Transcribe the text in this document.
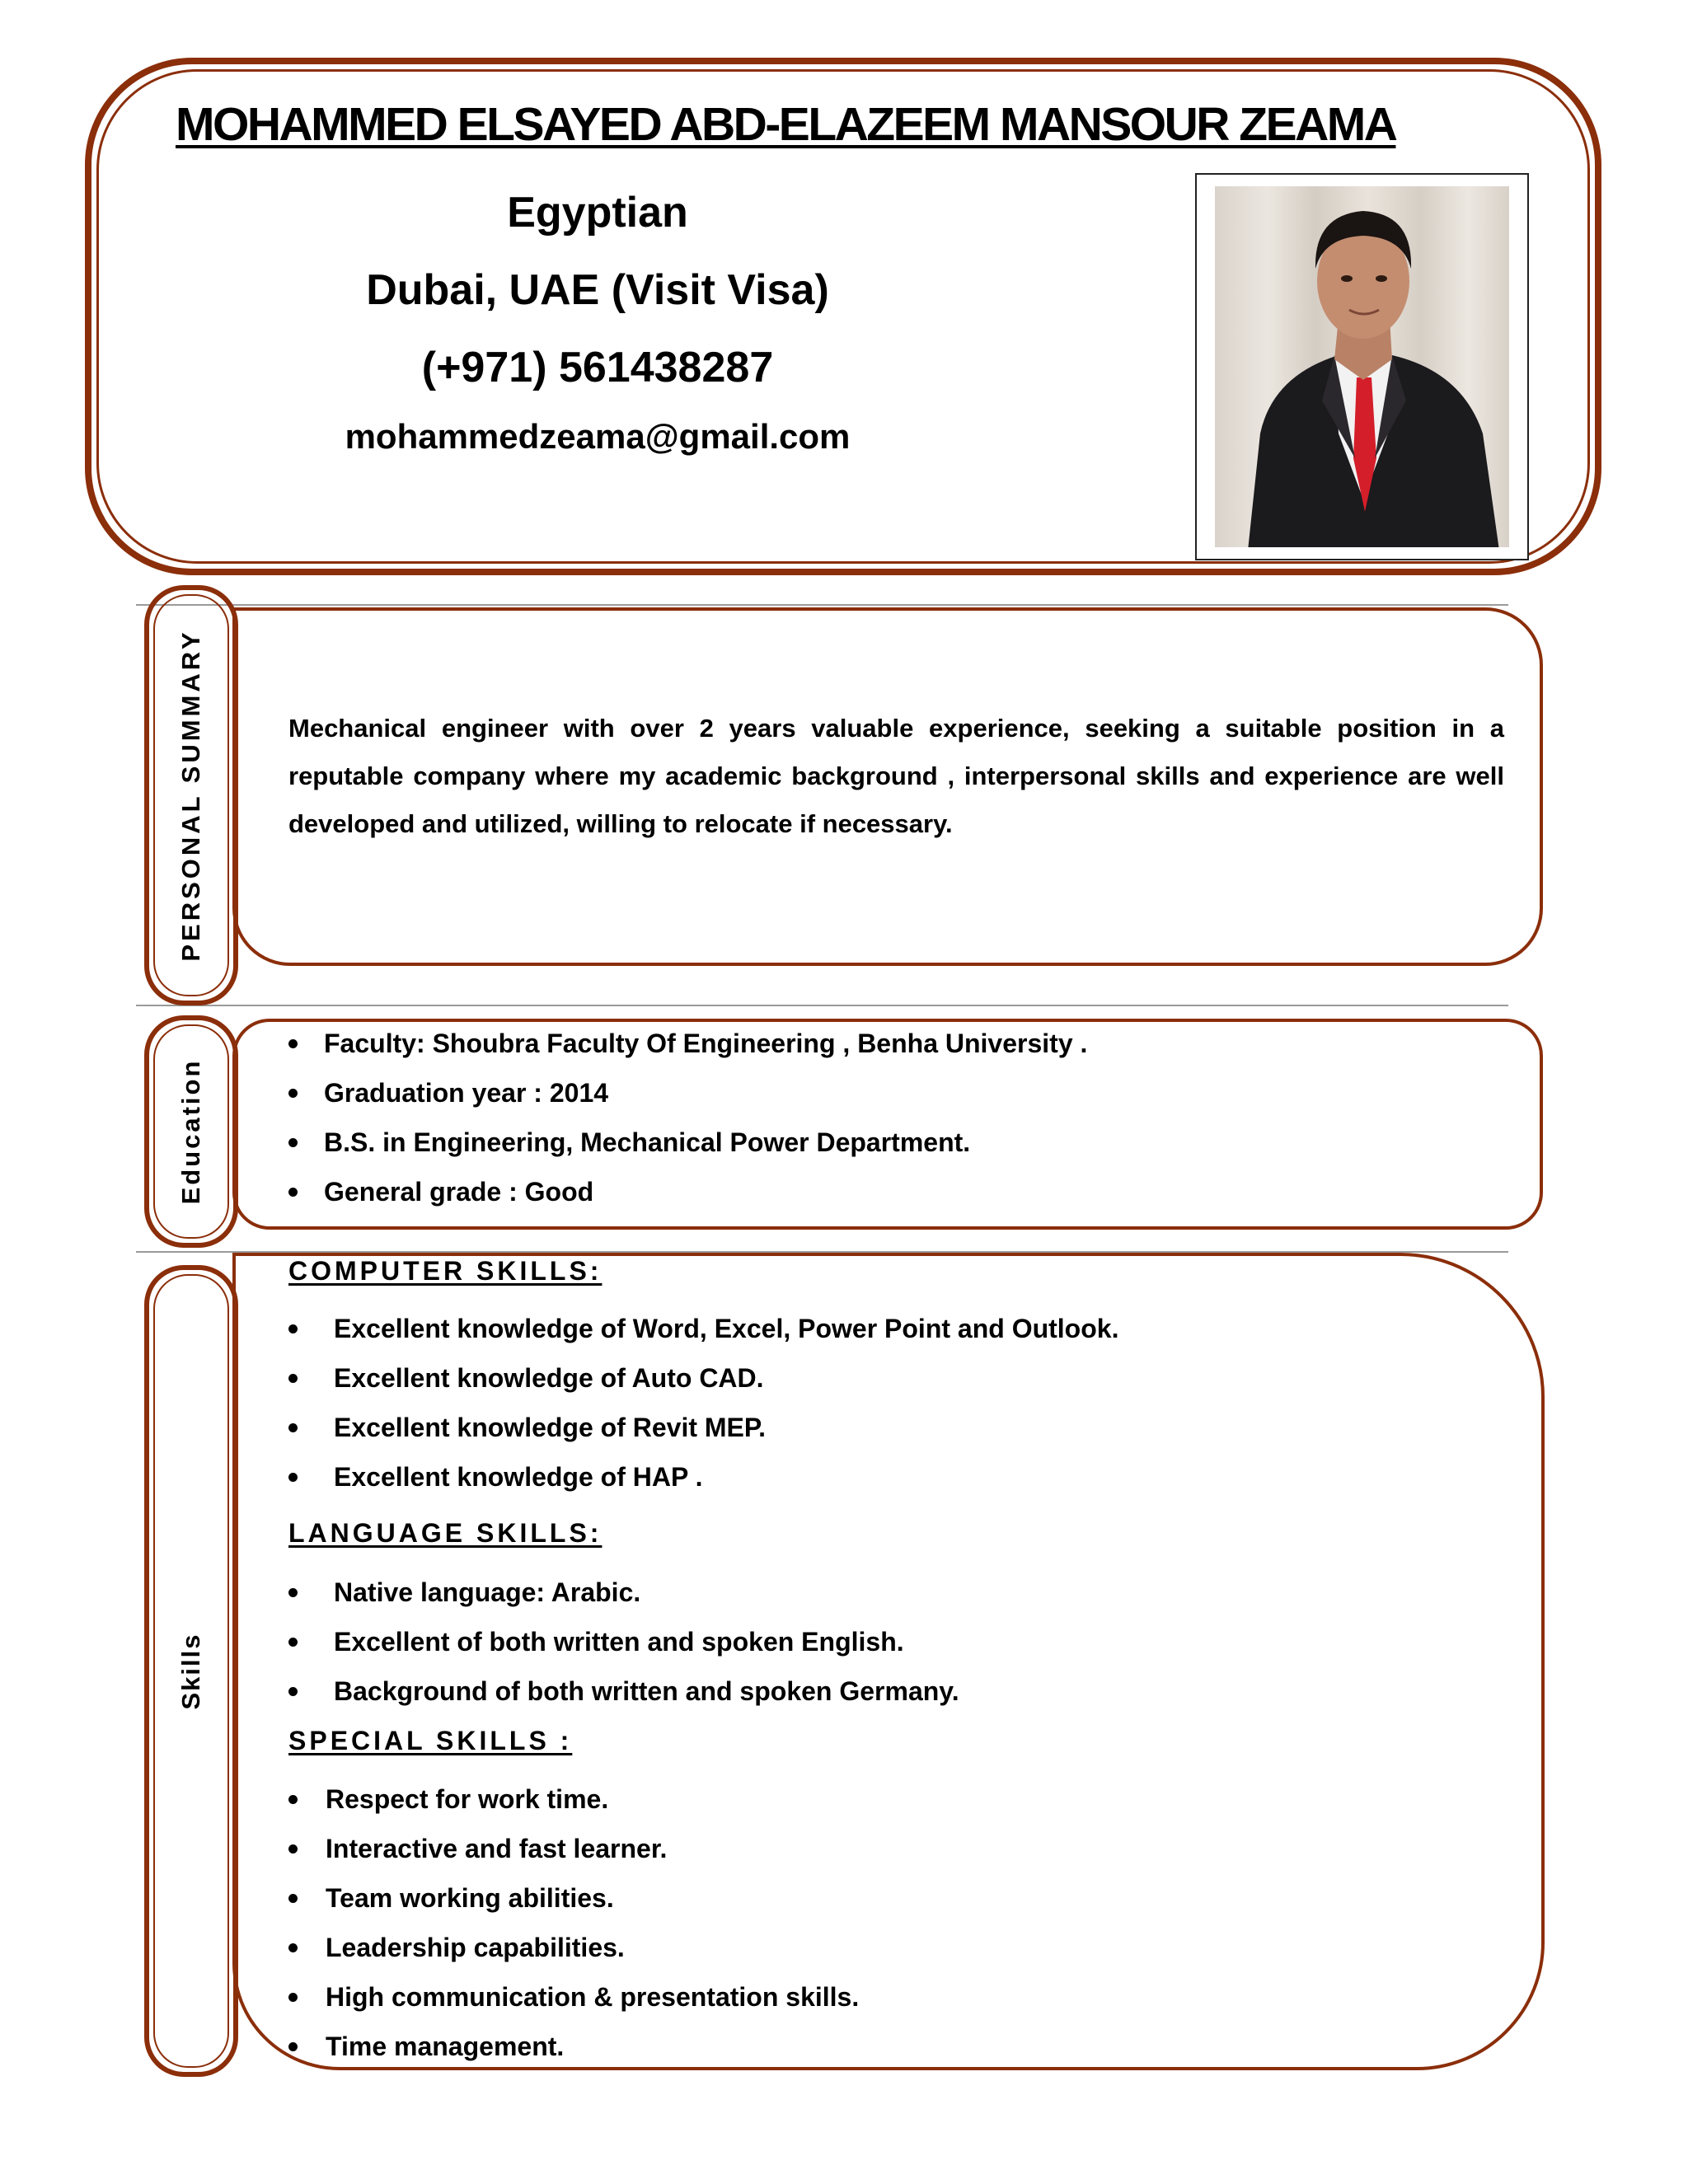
MOHAMMED ELSAYED ABD-ELAZEEM MANSOUR ZEAMA
Egyptian
Dubai, UAE (Visit Visa)
(+971) 561438287
mohammedzeama@gmail.com
PERSONAL SUMMARY	Mechanical engineer with over 2 years valuable experience, seeking a suitable position in a reputable company where my academic background , interpersonal skills and experience are well developed and utilized, willing to relocate if necessary.
Education
Faculty: Shoubra Faculty Of Engineering , Benha University .
Graduation year : 2014
B.S. in Engineering, Mechanical Power Department.
General grade : Good
Skills
COMPUTER SKILLS:
Excellent knowledge of Word, Excel, Power Point and Outlook.
Excellent knowledge of Auto CAD.
Excellent knowledge of Revit MEP.
Excellent knowledge of HAP .
LANGUAGE SKILLS:
Native language: Arabic.
Excellent of both written and spoken English.
Background of both written and spoken Germany.
SPECIAL SKILLS :
Respect for work time.
Interactive and fast learner.
Team working abilities.
Leadership capabilities.
High communication & presentation skills.
Time management.
